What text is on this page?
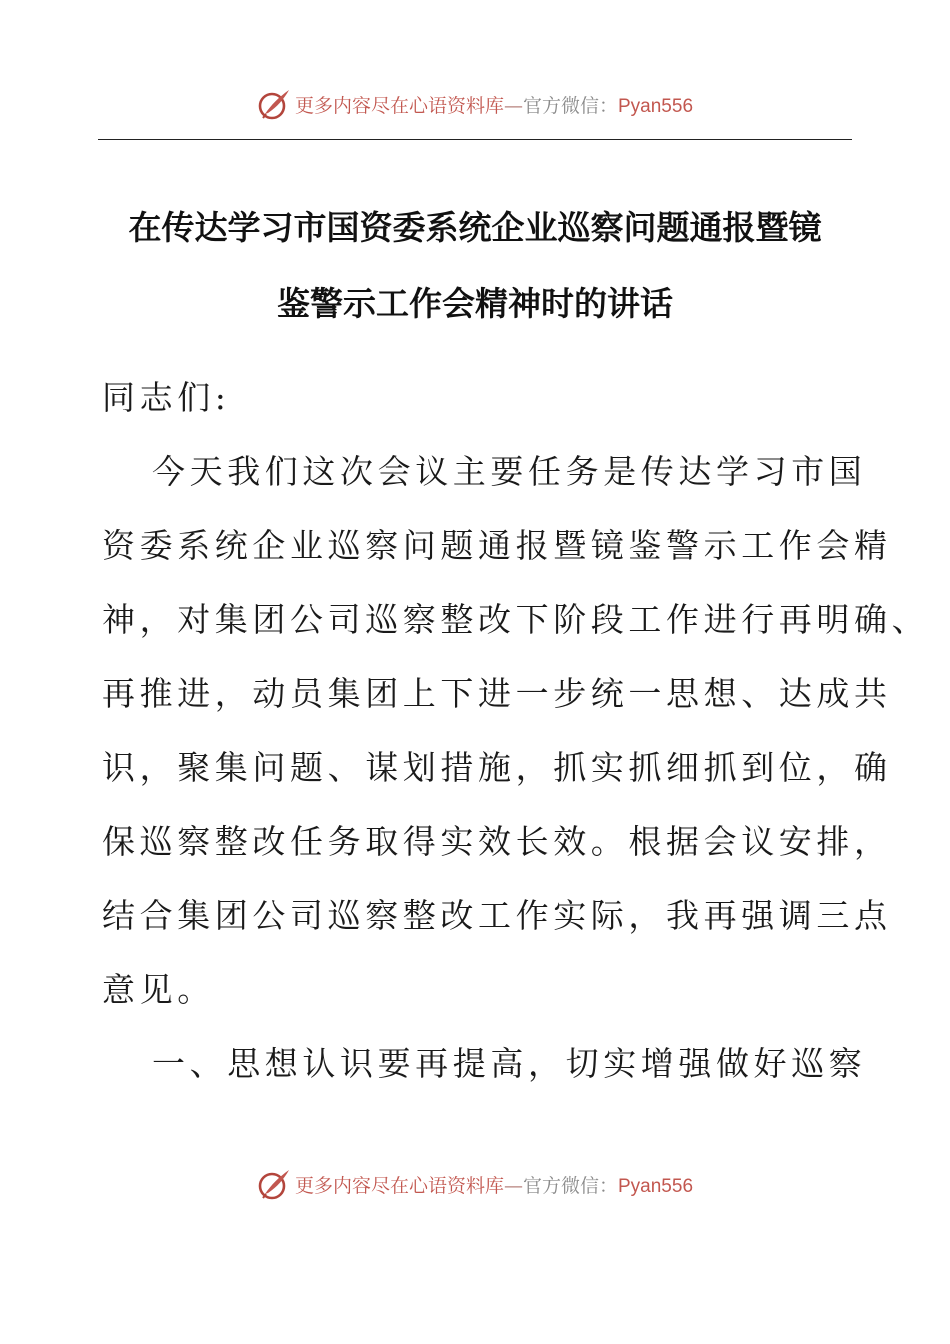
更多内容尽在心语资料库—官方微信：Pyan556
在传达学习市国资委系统企业巡察问题通报暨镜
鉴警示工作会精神时的讲话
同志们:
今天我们这次会议主要任务是传达学习市国
资委系统企业巡察问题通报暨镜鉴警示工作会精
神，对集团公司巡察整改下阶段工作进行再明确、
再推进，动员集团上下进一步统一思想、达成共
识，聚集问题、谋划措施，抓实抓细抓到位，确
保巡察整改任务取得实效长效。根据会议安排，
结合集团公司巡察整改工作实际，我再强调三点
意见。
一、思想认识要再提高，切实增强做好巡察
更多内容尽在心语资料库—官方微信：Pyan556
